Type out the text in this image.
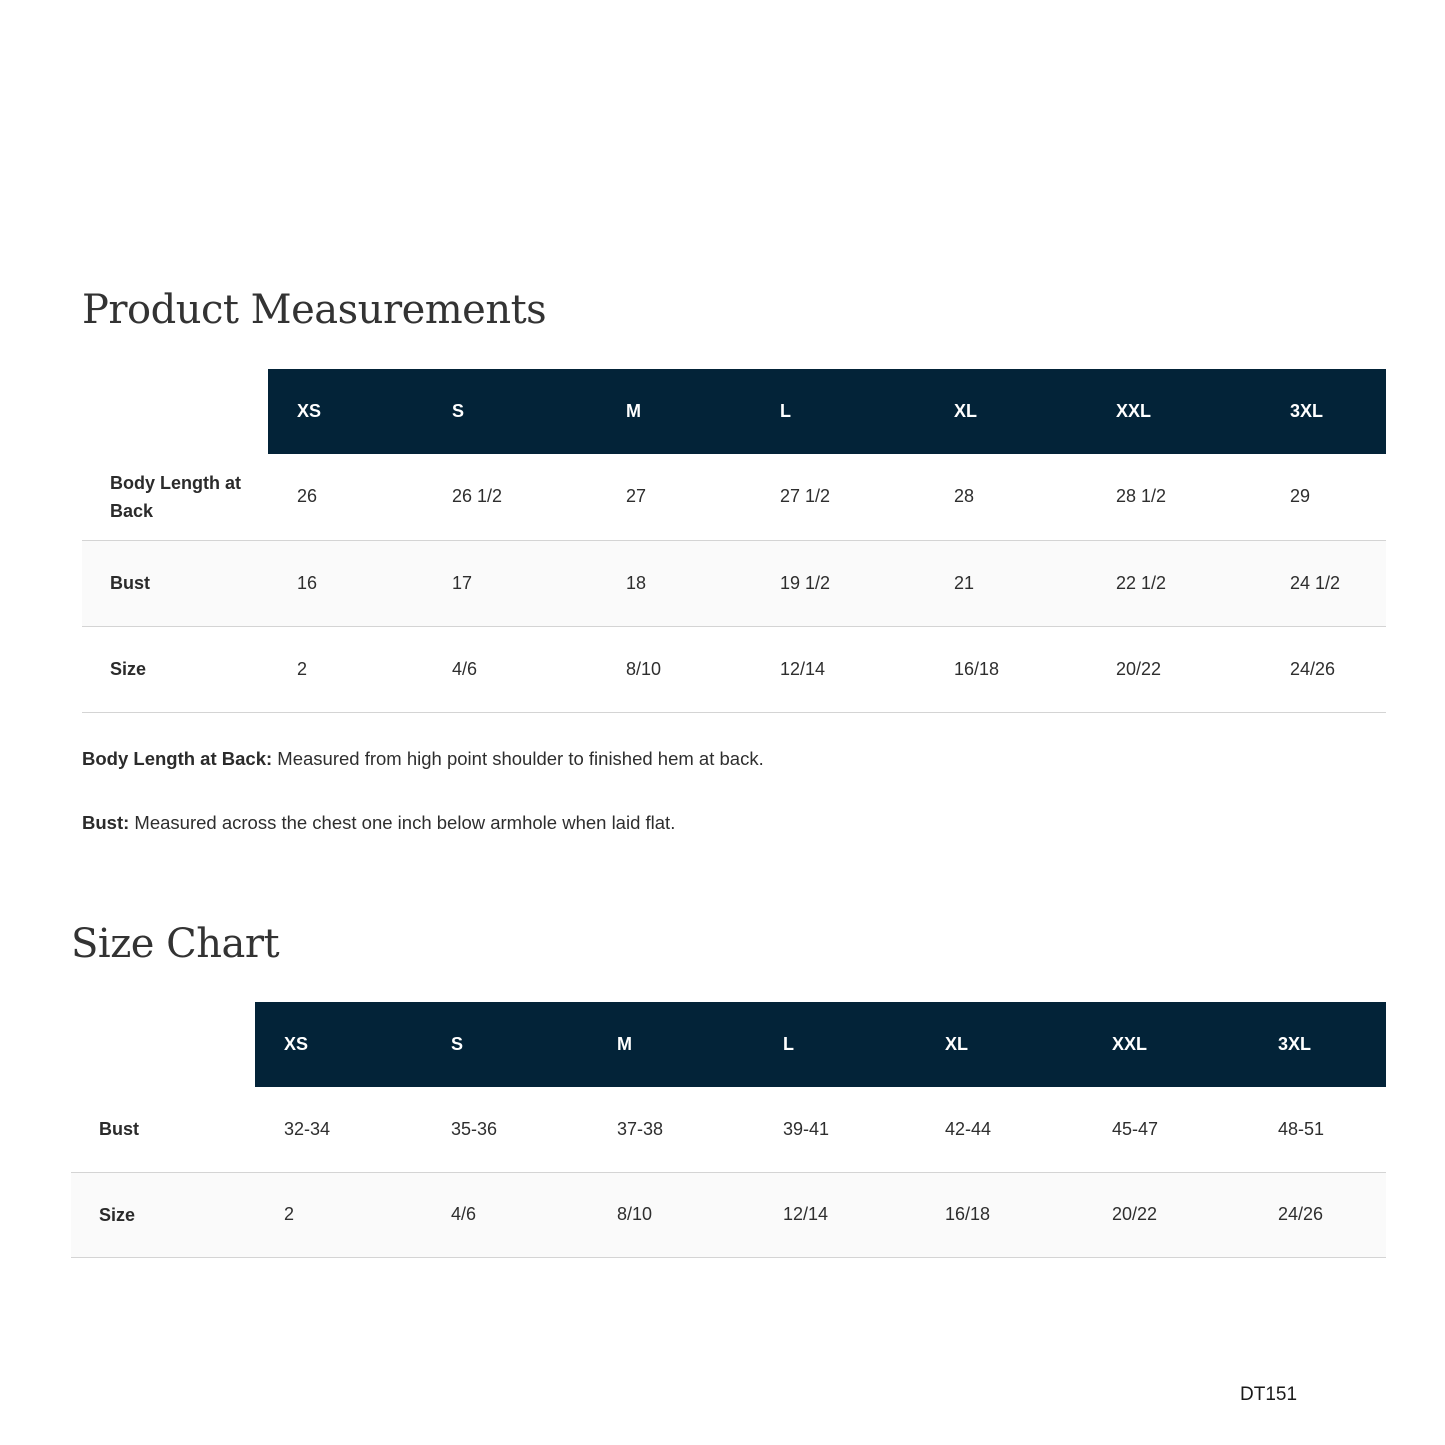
Product Measurements
	XS	S	M	L	XL	XXL	3XL
Body Length at Back	26	26 1/2	27	27 1/2	28	28 1/2	29
Bust	16	17	18	19 1/2	21	22 1/2	24 1/2
Size	2	4/6	8/10	12/14	16/18	20/22	24/26

Body Length at Back: Measured from high point shoulder to finished hem at back.

Bust: Measured across the chest one inch below armhole when laid flat.

Size Chart
	XS	S	M	L	XL	XXL	3XL
Bust	32-34	35-36	37-38	39-41	42-44	45-47	48-51
Size	2	4/6	8/10	12/14	16/18	20/22	24/26
DT151
